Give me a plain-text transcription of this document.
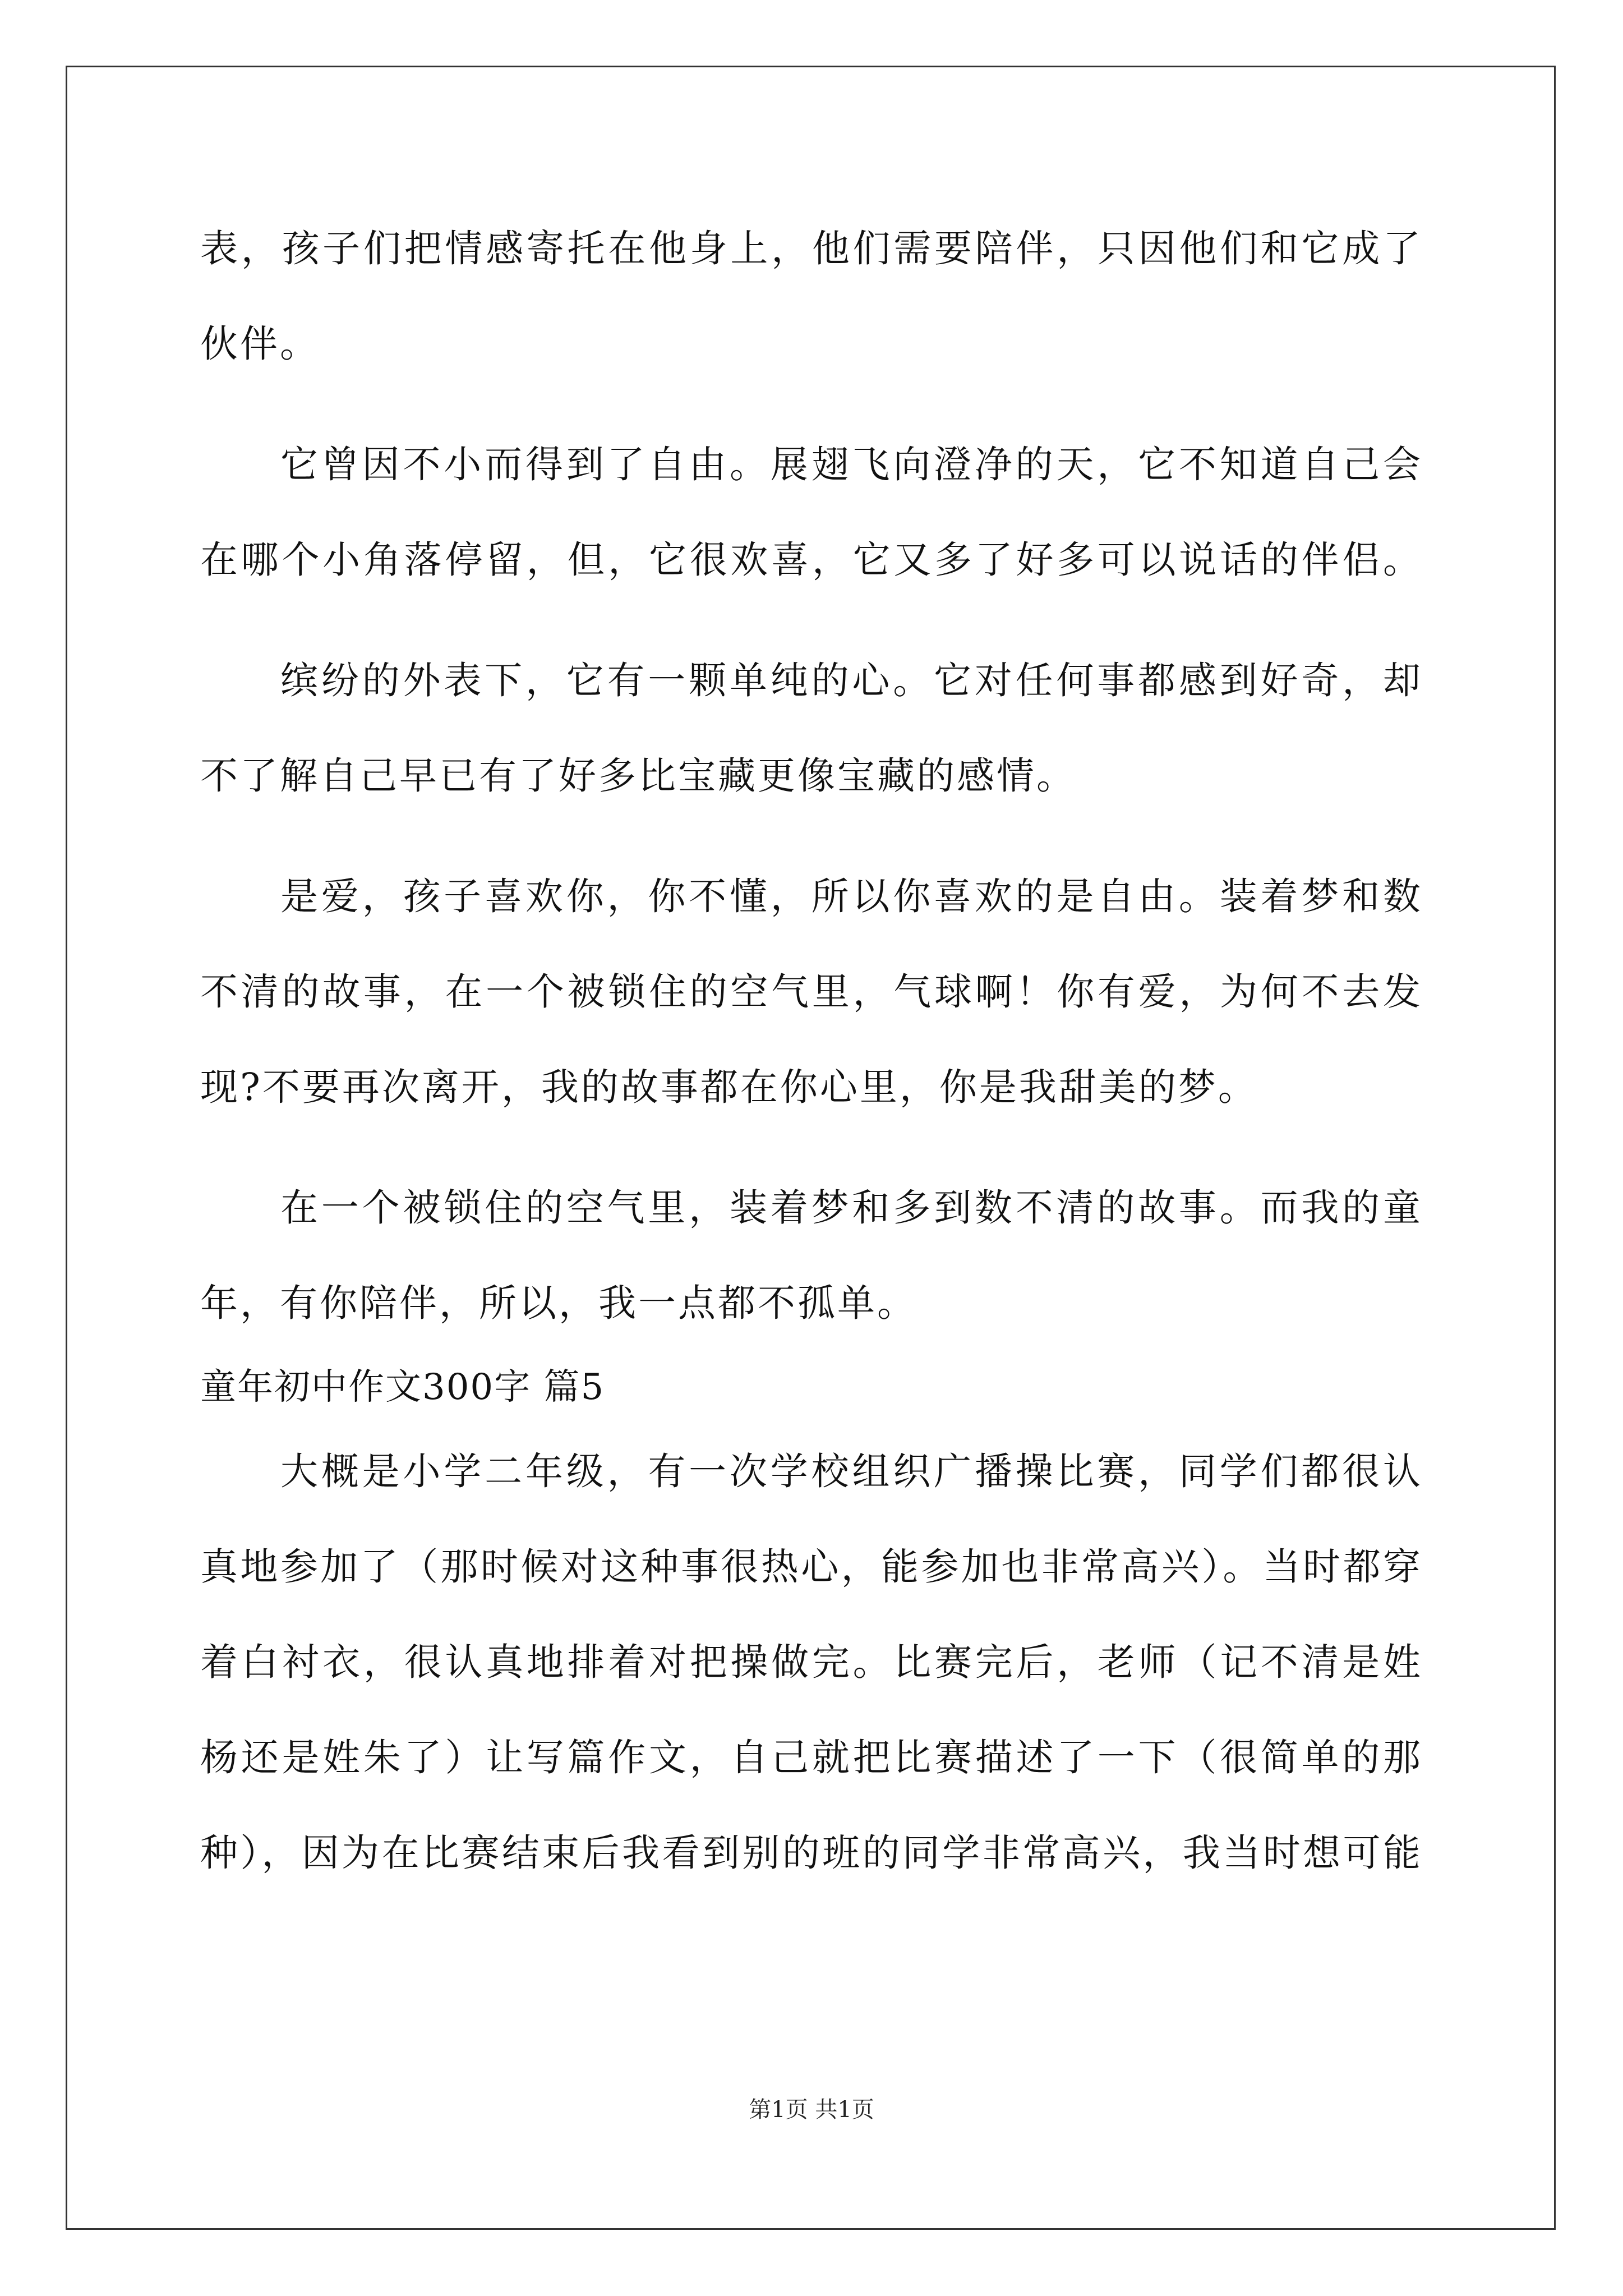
表，孩子们把情感寄托在他身上，他们需要陪伴，只因他们和它成了
伙伴。
它曾因不小而得到了自由。展翅飞向澄净的天，它不知道自己会
在哪个小角落停留，但，它很欢喜，它又多了好多可以说话的伴侣。
缤纷的外表下，它有一颗单纯的心。它对任何事都感到好奇，却
不了解自己早已有了好多比宝藏更像宝藏的感情。
是爱，孩子喜欢你，你不懂，所以你喜欢的是自由。装着梦和数
不清的故事，在一个被锁住的空气里，气球啊！你有爱，为何不去发
现?不要再次离开，我的故事都在你心里，你是我甜美的梦。
在一个被锁住的空气里，装着梦和多到数不清的故事。而我的童
年，有你陪伴，所以，我一点都不孤单。
童年初中作文300字 篇5
大概是小学二年级，有一次学校组织广播操比赛，同学们都很认
真地参加了（那时候对这种事很热心，能参加也非常高兴）。当时都穿
着白衬衣，很认真地排着对把操做完。比赛完后，老师（记不清是姓
杨还是姓朱了）让写篇作文，自己就把比赛描述了一下（很简单的那
种），因为在比赛结束后我看到别的班的同学非常高兴，我当时想可能
第1页 共1页
